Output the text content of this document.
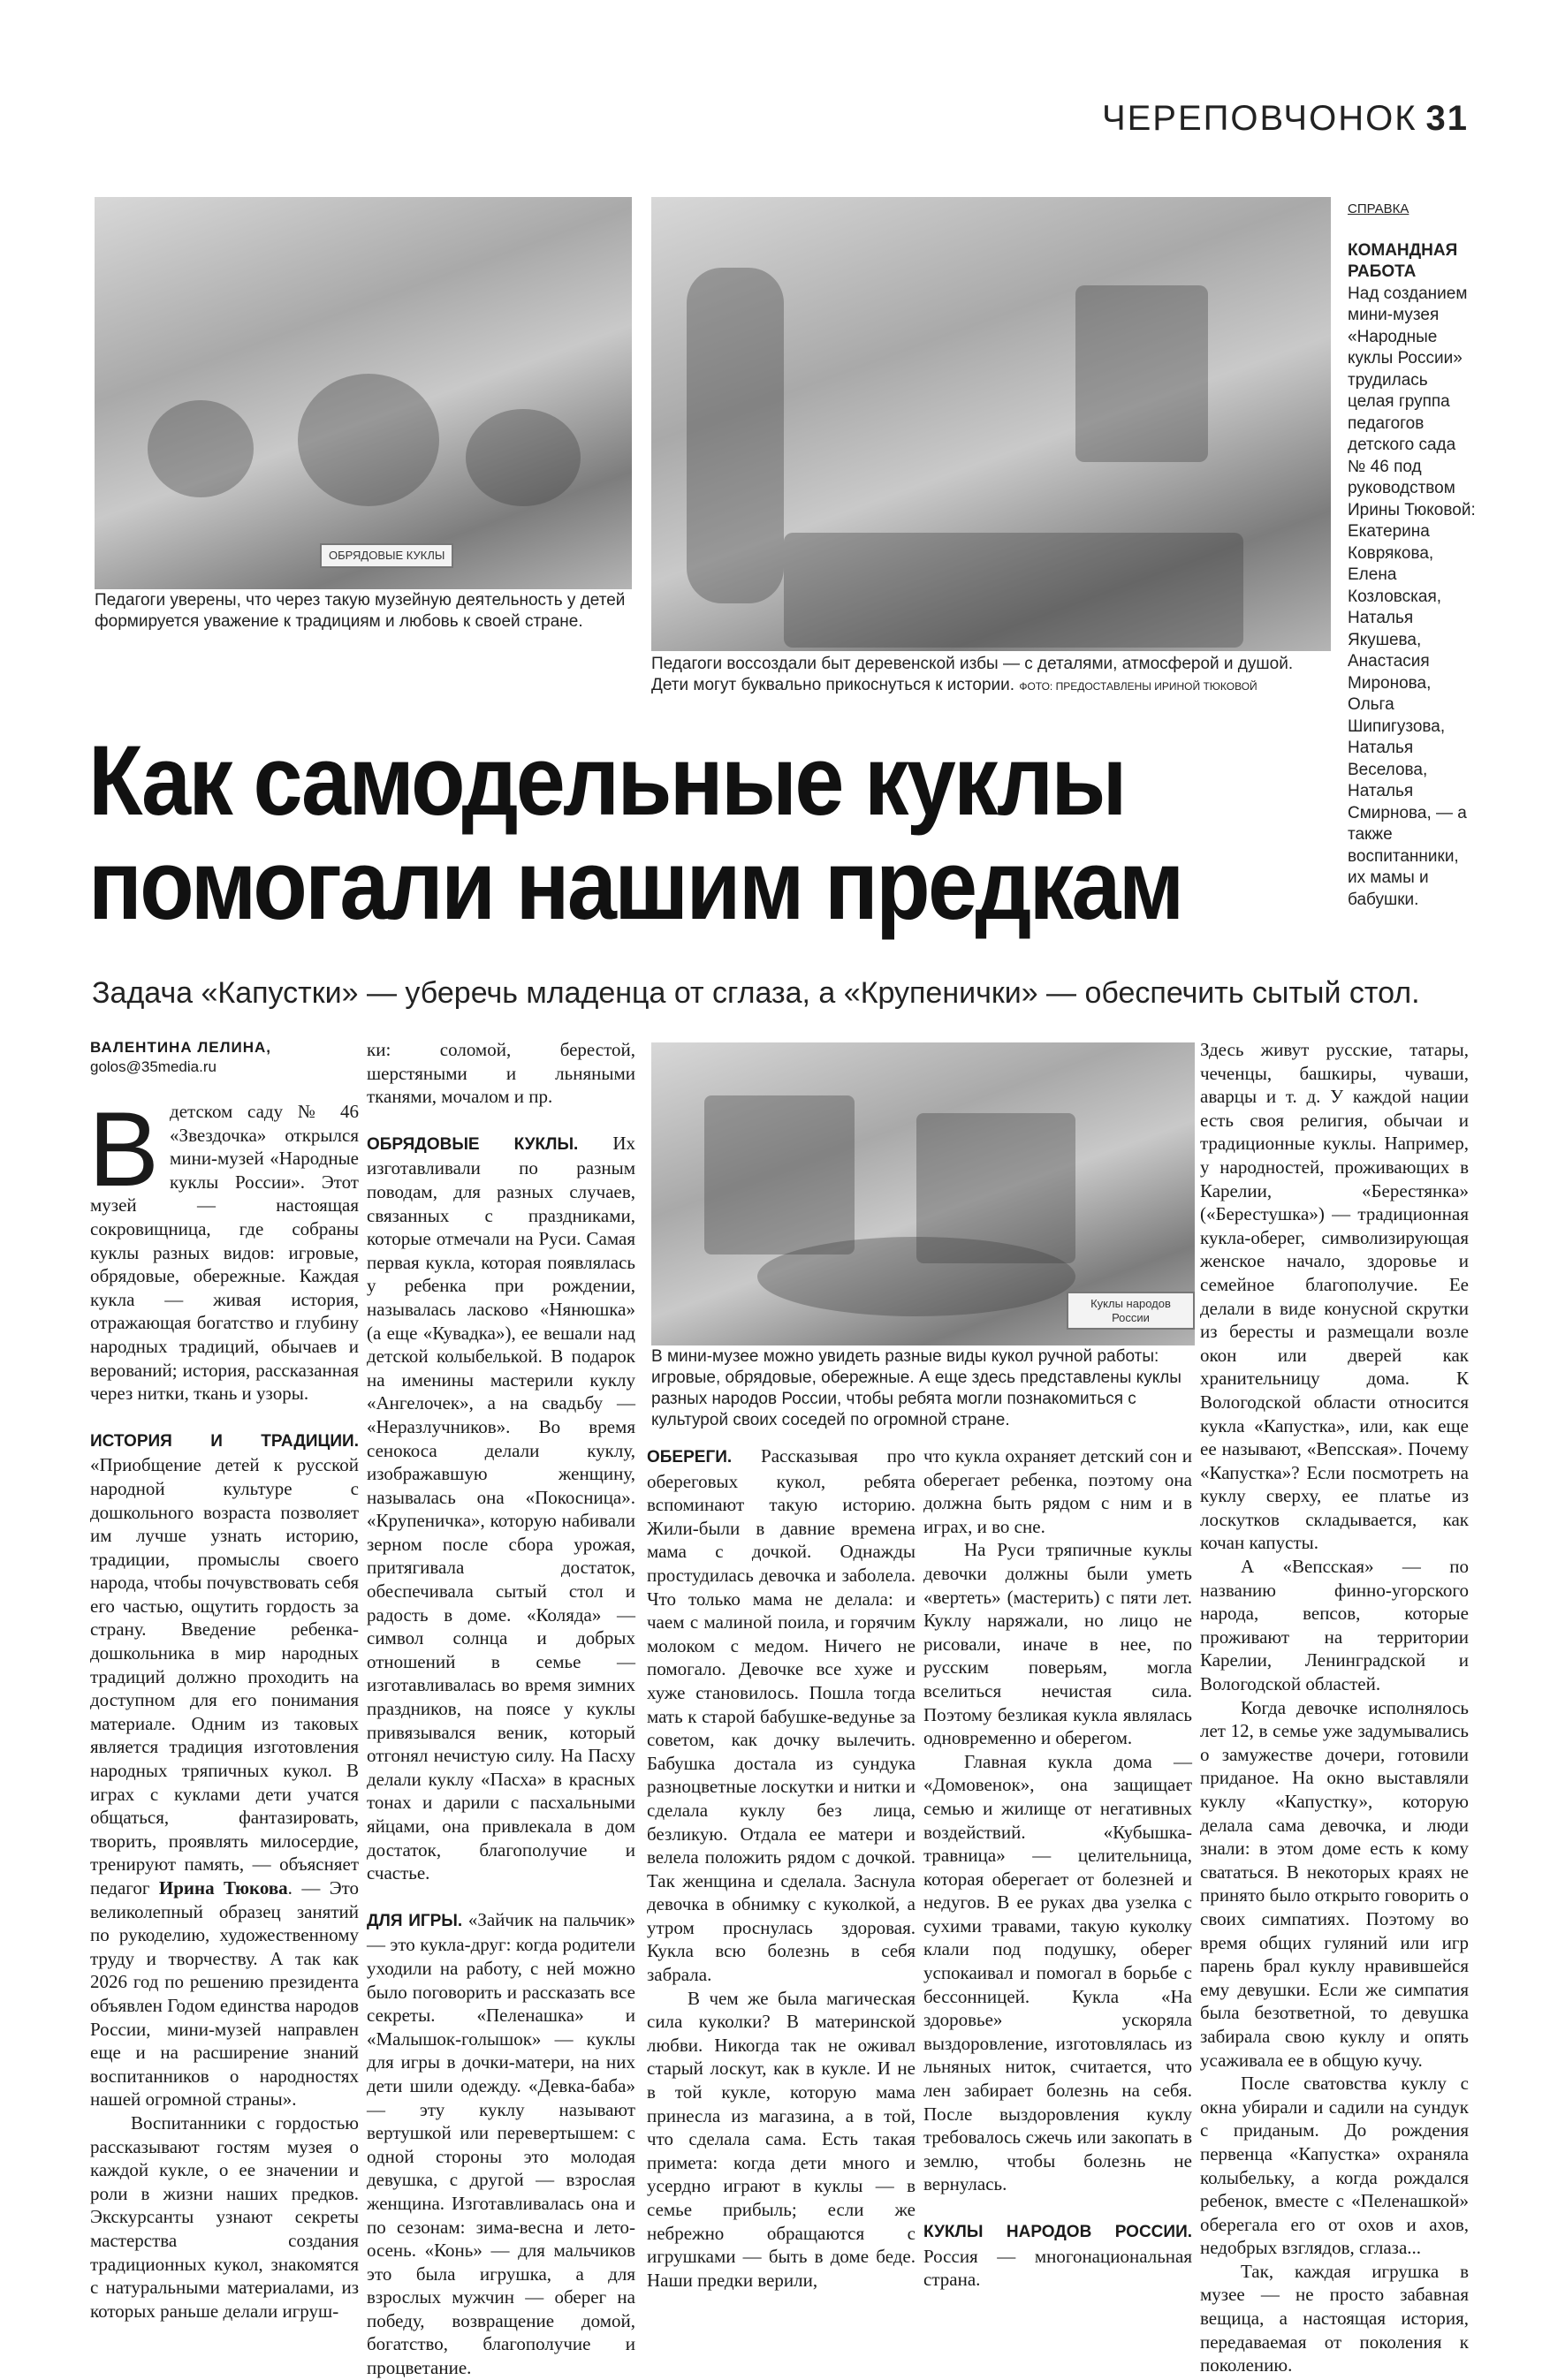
ЧЕРЕПОВЧОНОК 31
ОБРЯДОВЫЕ КУКЛЫ
Педагоги уверены, что через такую музейную деятельность у детей формируется уважение к традициям и любовь к своей стране.
Педагоги воссоздали быт деревенской избы — с деталями, атмосферой и душой. Дети могут буквально прикоснуться к истории. ФОТО: ПРЕДОСТАВЛЕНЫ ИРИНОЙ ТЮКОВОЙ
СПРАВКА
КОМАНДНАЯ РАБОТА
Над созданием мини-музея «Народные куклы России» трудилась целая группа педагогов детского сада № 46 под руководством Ирины Тюковой: Екатерина Коврякова, Елена Козловская, Наталья Якушева, Анастасия Миронова, Ольга Шипигузова, Наталья Веселова, Наталья Смирнова, — а также воспитанники, их мамы и бабушки.
Как самодельные куклы
помогали нашим предкам
Задача «Капустки» — уберечь младенца от сглаза, а «Крупенички» — обеспечить сытый стол.
ВАЛЕНТИНА ЛЕЛИНА,
golos@35media.ru

Вдетском саду № 46 «Звездочка» открылся мини-музей «Народные куклы России». Этот музей — настоящая сокровищница, где собраны куклы разных видов: игровые, обрядовые, обережные. Каждая кукла — живая история, отражающая богатство и глубину народных традиций, обычаев и верований; история, рассказанная через нитки, ткань и узоры.

ИСТОРИЯ И ТРАДИЦИИ. «Приобщение детей к русской народной культуре с дошкольного возраста позволяет им лучше узнать историю, традиции, промыслы своего народа, чтобы почувствовать себя его частью, ощутить гордость за страну. Введение ребенка-дошкольника в мир народных традиций должно проходить на доступном для его понимания материале. Одним из таковых является традиция изготовления народных тряпичных кукол. В играх с куклами дети учатся общаться, фантазировать, творить, проявлять милосердие, тренируют память, — объясняет педагог Ирина Тюкова. — Это великолепный образец занятий по рукоделию, художественному труду и творчеству. А так как 2026 год по решению президента объявлен Годом единства народов России, мини-музей направлен еще и на расширение знаний воспитанников о народностях нашей огромной страны».

Воспитанники с гордостью рассказывают гостям музея о каждой кукле, о ее значении и роли в жизни наших предков. Экскурсанты узнают секреты мастерства создания традиционных кукол, знакомятся с натуральными материалами, из которых раньше делали игруш-

ки: соломой, берестой, шерстяными и льняными тканями, мочалом и пр.

ОБРЯДОВЫЕ КУКЛЫ. Их изготавливали по разным поводам, для разных случаев, связанных с праздниками, которые отмечали на Руси. Самая первая кукла, которая появлялась у ребенка при рождении, называлась ласково «Нянюшка» (а еще «Кувадка»), ее вешали над детской колыбелькой. В подарок на именины мастерили куклу «Ангелочек», а на свадьбу — «Неразлучников». Во время сенокоса делали куклу, изображавшую женщину, называлась она «Покосница». «Крупеничка», которую набивали зерном после сбора урожая, притягивала достаток, обеспечивала сытый стол и радость в доме. «Коляда» — символ солнца и добрых отношений в семье — изготавливалась во время зимних праздников, на поясе у куклы привязывался веник, который отгонял нечистую силу. На Пасху делали куклу «Пасха» в красных тонах и дарили с пасхальными яйцами, она привлекала в дом достаток, благополучие и счастье.

ДЛЯ ИГРЫ. «Зайчик на пальчик» — это кукла-друг: когда родители уходили на работу, с ней можно было поговорить и рассказать все секреты. «Пеленашка» и «Малышок-голышок» — куклы для игры в дочки-матери, на них дети шили одежду. «Девка-баба» — эту куклу называют вертушкой или перевертышем: с одной стороны это молодая девушка, с другой — взрослая женщина. Изготавливалась она и по сезонам: зима-весна и лето-осень. «Конь» — для мальчиков это была игрушка, а для взрослых мужчин — оберег на победу, возвращение домой, богатство, благополучие и процветание.

Куклы народов России
В мини-музее можно увидеть разные виды кукол ручной работы: игровые, обрядовые, обережные. А еще здесь представлены куклы разных народов России, чтобы ребята могли познакомиться с культурой своих соседей по огромной стране.

ОБЕРЕГИ. Рассказывая про обереговых кукол, ребята вспоминают такую историю. Жили-были в давние времена мама с дочкой. Однажды простудилась девочка и заболела. Что только мама не делала: и чаем с малиной поила, и горячим молоком с медом. Ничего не помогало. Девочке все хуже и хуже становилось. Пошла тогда мать к старой бабушке-ведунье за советом, как дочку вылечить. Бабушка достала из сундука разноцветные лоскутки и нитки и сделала куклу без лица, безликую. Отдала ее матери и велела положить рядом с дочкой. Так женщина и сделала. Заснула девочка в обнимку с куколкой, а утром проснулась здоровая. Кукла всю болезнь в себя забрала.

В чем же была магическая сила куколки? В материнской любви. Никогда так не оживал старый лоскут, как в кукле. И не в той кукле, которую мама принесла из магазина, а в той, что сделала сама. Есть такая примета: когда дети много и усердно играют в куклы — в семье прибыль; если же небрежно обращаются с игрушками — быть в доме беде. Наши предки верили,

что кукла охраняет детский сон и оберегает ребенка, поэтому она должна быть рядом с ним и в играх, и во сне.

На Руси тряпичные куклы девочки должны были уметь «вертеть» (мастерить) с пяти лет. Куклу наряжали, но лицо не рисовали, иначе в нее, по русским поверьям, могла вселиться нечистая сила. Поэтому безликая кукла являлась одновременно и оберегом.

Главная кукла дома — «Домовенок», она защищает семью и жилище от негативных воздействий. «Кубышка-травница» — целительница, которая оберегает от болезней и недугов. В ее руках два узелка с сухими травами, такую куколку клали под подушку, оберег успокаивал и помогал в борьбе с бессонницей. Кукла «На здоровье» ускоряла выздоровление, изготовлялась из льняных ниток, считается, что лен забирает болезнь на себя. После выздоровления куклу требовалось сжечь или закопать в землю, чтобы болезнь не вернулась.

КУКЛЫ НАРОДОВ РОССИИ. Россия — многонациональная страна.

Здесь живут русские, татары, чеченцы, башкиры, чуваши, аварцы и т. д. У каждой нации есть своя религия, обычаи и традиционные куклы. Например, у народностей, проживающих в Карелии, «Берестянка» («Берестушка») — традиционная кукла-оберег, символизирующая женское начало, здоровье и семейное благополучие. Ее делали в виде конусной скрутки из бересты и размещали возле окон или дверей как хранительницу дома. К Вологодской области относится кукла «Капустка», или, как еще ее называют, «Вепсская». Почему «Капустка»? Если посмотреть на куклу сверху, ее платье из лоскутков складывается, как кочан капусты.

А «Вепсская» — по названию финно-угорского народа, вепсов, которые проживают на территории Карелии, Ленинградской и Вологодской областей.

Когда девочке исполнялось лет 12, в семье уже задумывались о замужестве дочери, готовили приданое. На окно выставляли куклу «Капустку», которую делала сама девочка, и люди знали: в этом доме есть к кому свататься. В некоторых краях не принято было открыто говорить о своих симпатиях. Поэтому во время общих гуляний или игр парень брал куклу нравившейся ему девушки. Если же симпатия была безответной, то девушка забирала свою куклу и опять усаживала ее в общую кучу.

После сватовства куклу с окна убирали и садили на сундук с приданым. До рождения первенца «Капустка» охраняла колыбельку, а когда рождался ребенок, вместе с «Пеленашкой» оберегала его от охов и ахов, недобрых взглядов, сглаза...

Так, каждая игрушка в музее — не просто забавная вещица, а настоящая история, передаваемая от поколения к поколению.
